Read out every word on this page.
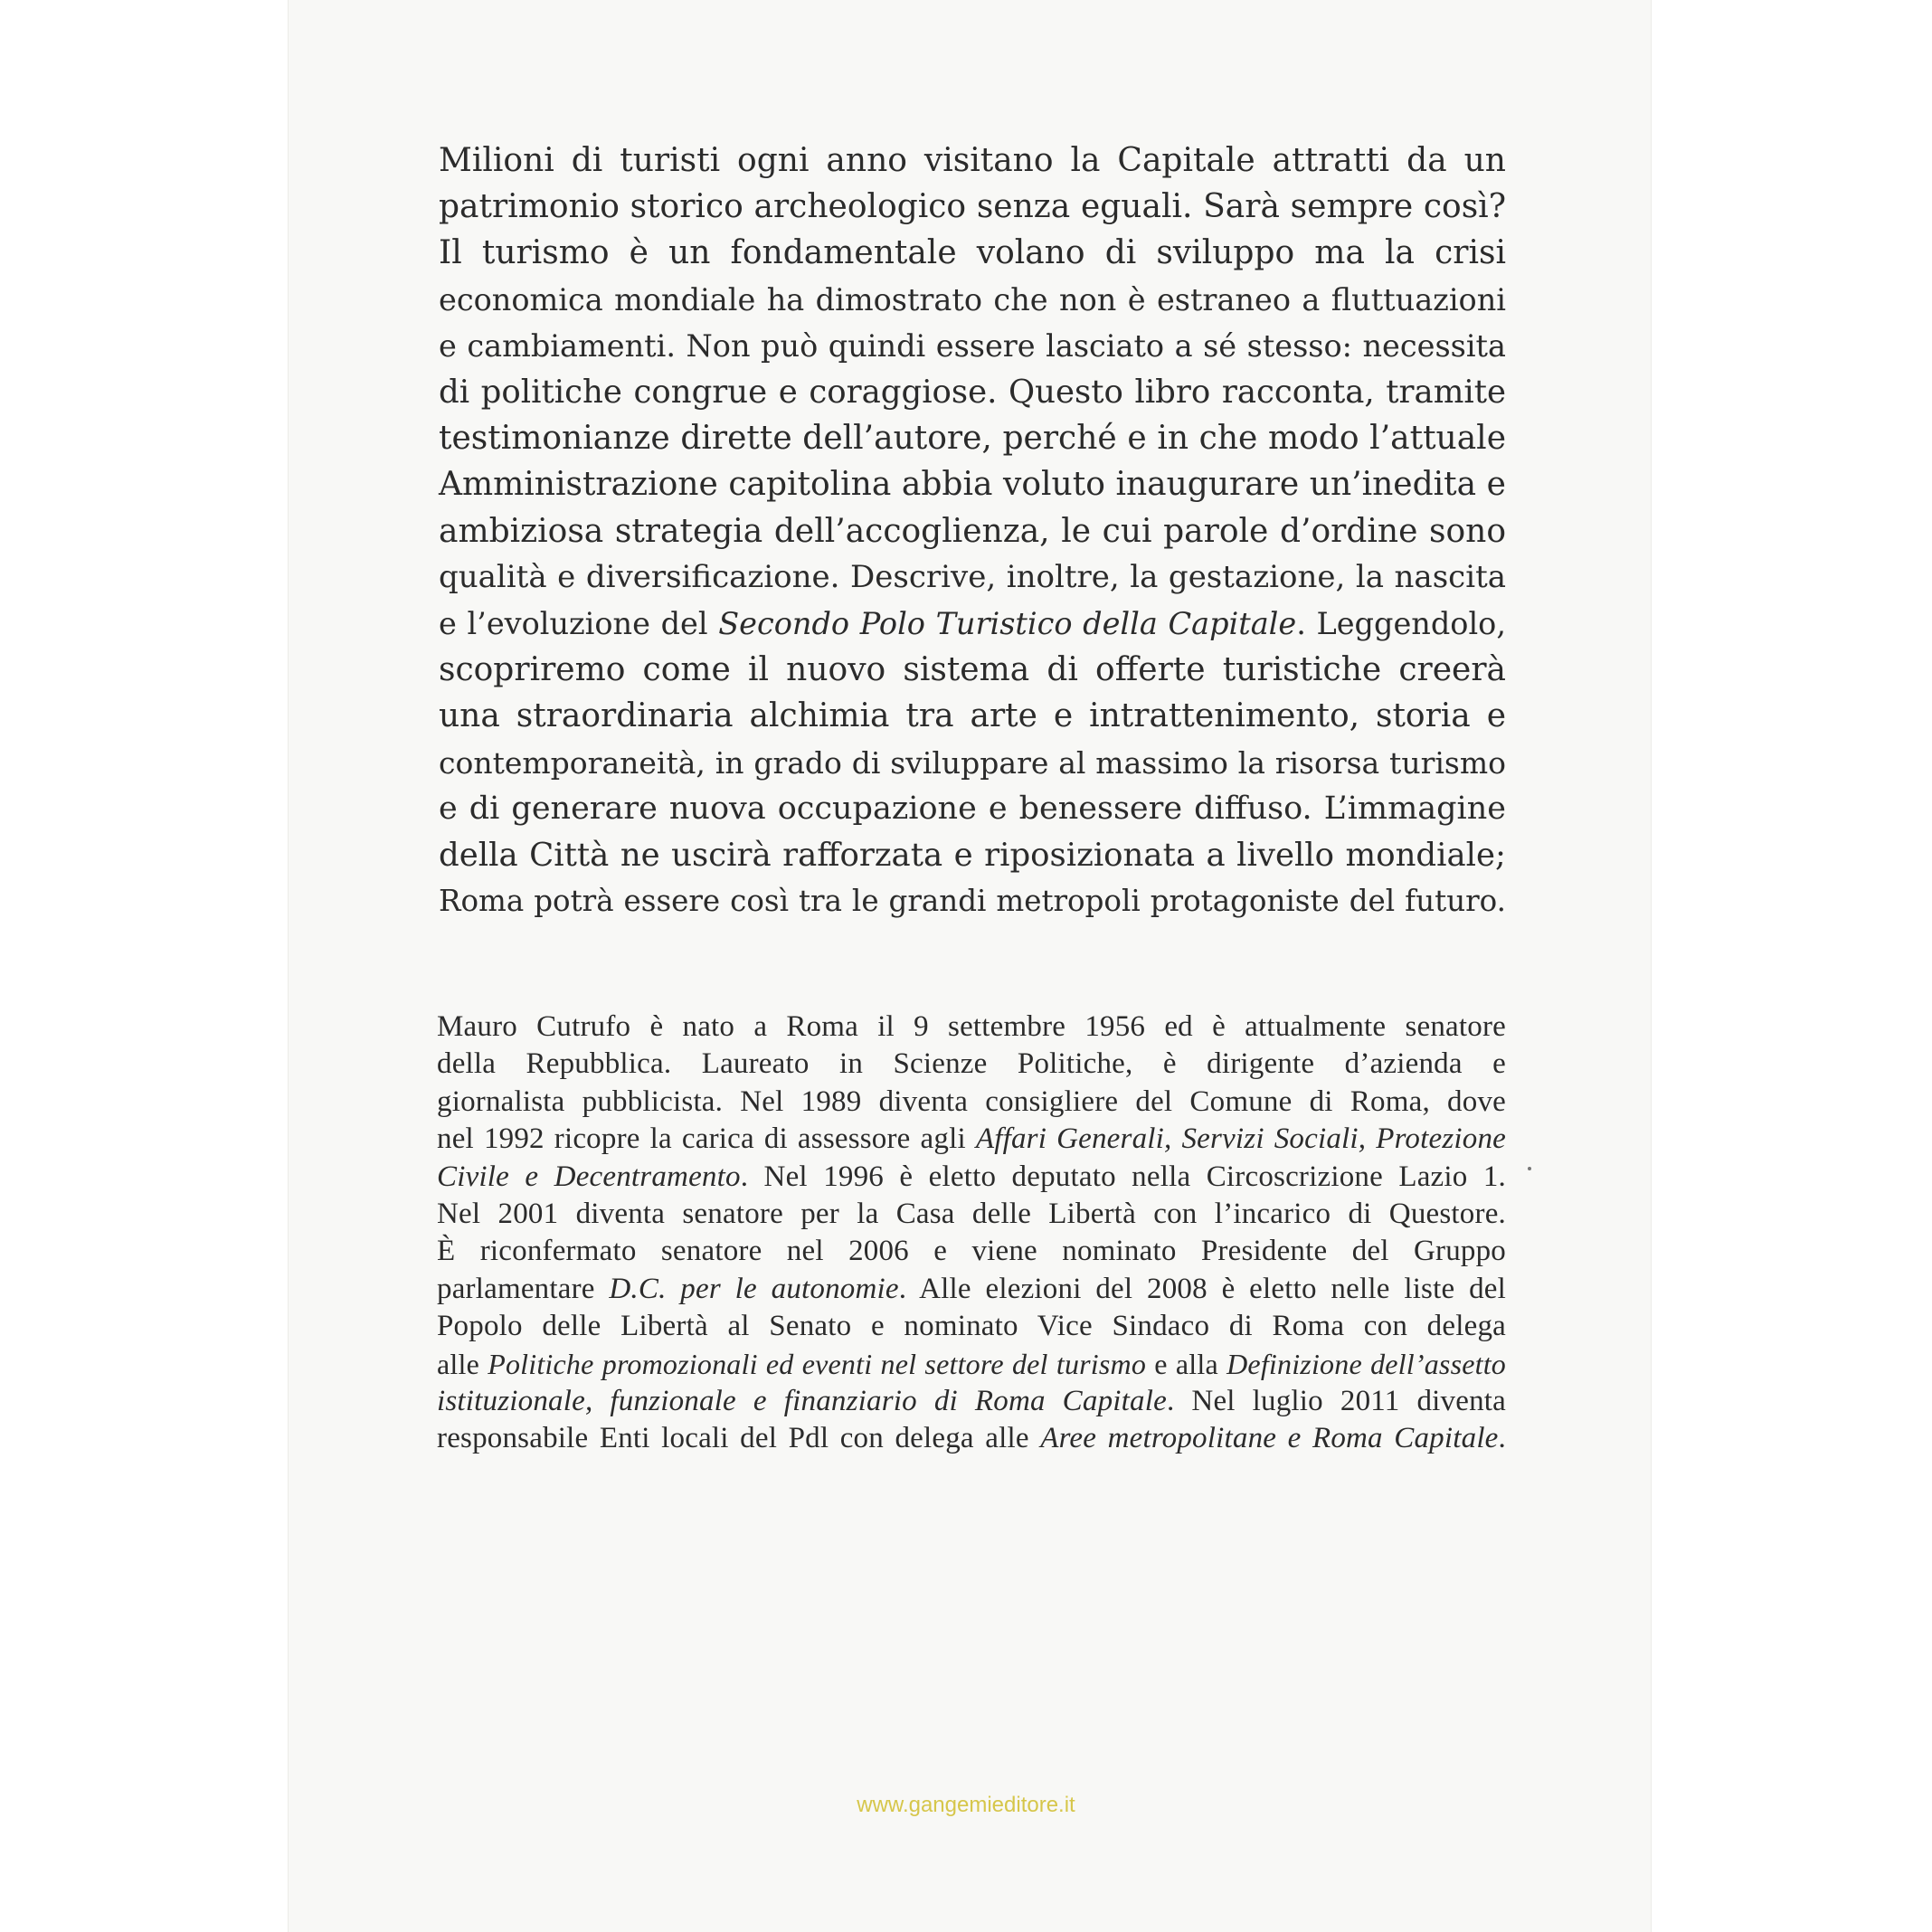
Milioni di turisti ogni anno visitano la Capitale attratti da un
patrimonio storico archeologico senza eguali. Sarà sempre così?
Il turismo è un fondamentale volano di sviluppo ma la crisi
economica mondiale ha dimostrato che non è estraneo a fluttuazioni
e cambiamenti. Non può quindi essere lasciato a sé stesso: necessita
di politiche congrue e coraggiose. Questo libro racconta, tramite
testimonianze dirette dell’autore, perché e in che modo l’attuale
Amministrazione capitolina abbia voluto inaugurare un’inedita e
ambiziosa strategia dell’accoglienza, le cui parole d’ordine sono
qualità e diversificazione. Descrive, inoltre, la gestazione, la nascita
e l’evoluzione del Secondo Polo Turistico della Capitale. Leggendolo,
scopriremo come il nuovo sistema di offerte turistiche creerà
una straordinaria alchimia tra arte e intrattenimento, storia e
contemporaneità, in grado di sviluppare al massimo la risorsa turismo
e di generare nuova occupazione e benessere diffuso. L’immagine
della Città ne uscirà rafforzata e riposizionata a livello mondiale;
Roma potrà essere così tra le grandi metropoli protagoniste del futuro.
Mauro Cutrufo è nato a Roma il 9 settembre 1956 ed è attualmente senatore
della Repubblica. Laureato in Scienze Politiche, è dirigente d’azienda e
giornalista pubblicista. Nel 1989 diventa consigliere del Comune di Roma, dove
nel 1992 ricopre la carica di assessore agli Affari Generali, Servizi Sociali, Protezione
Civile e Decentramento. Nel 1996 è eletto deputato nella Circoscrizione Lazio 1.
Nel 2001 diventa senatore per la Casa delle Libertà con l’incarico di Questore.
È riconfermato senatore nel 2006 e viene nominato Presidente del Gruppo
parlamentare D.C. per le autonomie. Alle elezioni del 2008 è eletto nelle liste del
Popolo delle Libertà al Senato e nominato Vice Sindaco di Roma con delega
alle Politiche promozionali ed eventi nel settore del turismo e alla Definizione dell’assetto
istituzionale, funzionale e finanziario di Roma Capitale. Nel luglio 2011 diventa
responsabile Enti locali del Pdl con delega alle Aree metropolitane e Roma Capitale.
www.gangemieditore.it
